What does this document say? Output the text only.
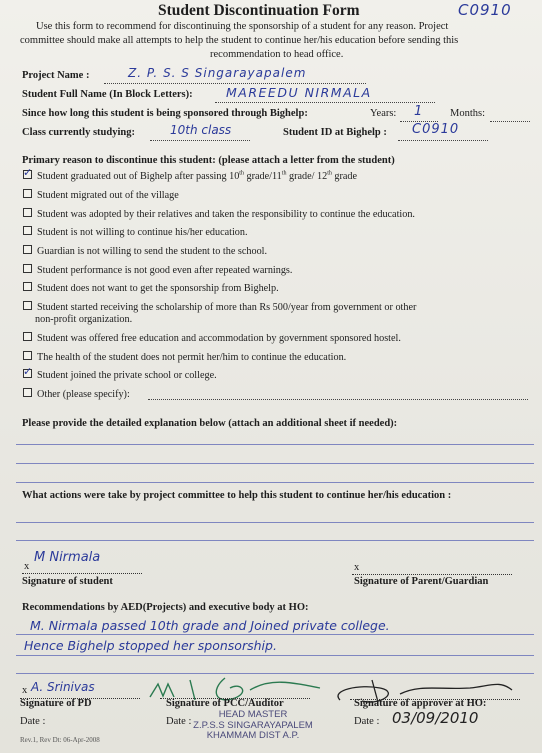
C0910
Student Discontinuation Form
Use this form to recommend for discontinuing the sponsorship of a student for any reason. Project
committee should make all attempts to help the student to continue her/his education before sending this
recommendation to head office.
Project Name :	Z. P. S. S Singarayapalem
Student Full Name (In Block Letters):	MAREEDU NIRMALA
Since how long this student is being sponsored through Bighelp:	Years: 1	Months:
Class currently studying:	10th class	Student ID at Bighelp : C0910
Primary reason to discontinue this student: (please attach a letter from the student)
✓ Student graduated out of Bighelp after passing 10th grade/11th grade/ 12th grade
Student migrated out of the village
Student was adopted by their relatives and taken the responsibility to continue the education.
Student is not willing to continue his/her education.
Guardian is not willing to send the student to the school.
Student performance is not good even after repeated warnings.
Student does not want to get the sponsorship from Bighelp.
Student started receiving the scholarship of more than Rs 500/year from government or other
non-profit organization.
Student was offered free education and accommodation by government sponsored hostel.
The health of the student does not permit her/him to continue the education.
✓ Student joined the private school or college.
Other (please specify):
Please provide the detailed explanation below (attach an additional sheet if needed):
What actions were take by project committee to help this student to continue her/his education :
x
M Nirmala
Signature of student
x
Signature of Parent/Guardian
Recommendations by AED(Projects) and executive body at HO:
M. Nirmala passed 10th grade and Joined private college.
Hence Bighelp stopped her sponsorship.
x A. Srinivas
Signature of PD
Date :
Signature of PCC/Auditor
Date :
Signature of approver at HO:
Date : 03/09/2010
HEAD MASTER
Z.P.S.S SINGARAYAPALEM
KHAMMAM DIST A.P.
Rev.1, Rev Dt: 06-Apr-2008
